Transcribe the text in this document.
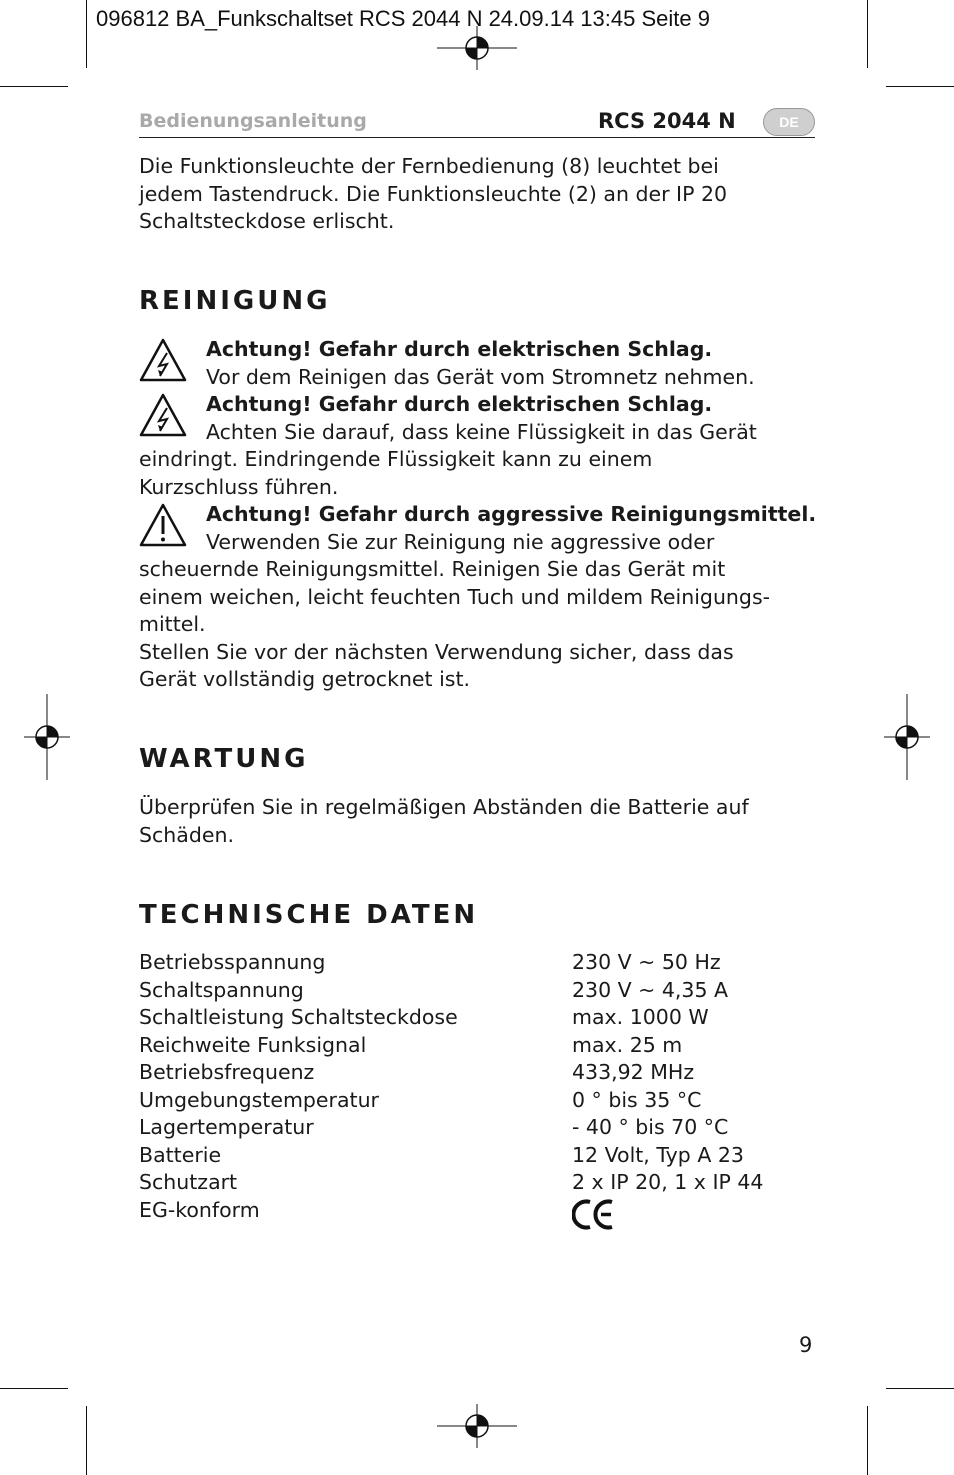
096812 BA_Funkschaltset RCS 2044 N 24.09.14 13:45 Seite 9
Bedienungsanleitung	RCS 2044 N	DE
Die Funktionsleuchte der Fernbedienung (8) leuchtet bei
jedem Tastendruck. Die Funktionsleuchte (2) an der IP 20
Schaltsteckdose erlischt.
REINIGUNG
Achtung! Gefahr durch elektrischen Schlag.
Vor dem Reinigen das Gerät vom Stromnetz nehmen.
Achtung! Gefahr durch elektrischen Schlag.
Achten Sie darauf, dass keine Flüssigkeit in das Gerät
eindringt. Eindringende Flüssigkeit kann zu einem
Kurzschluss führen.
Achtung! Gefahr durch aggressive Reinigungsmittel.
Verwenden Sie zur Reinigung nie aggressive oder
scheuernde Reinigungsmittel. Reinigen Sie das Gerät mit
einem weichen, leicht feuchten Tuch und mildem Reinigungs-
mittel.
Stellen Sie vor der nächsten Verwendung sicher, dass das
Gerät vollständig getrocknet ist.
WARTUNG
Überprüfen Sie in regelmäßigen Abständen die Batterie auf
Schäden.
TECHNISCHE DATEN
Betriebsspannung	230 V ~ 50 Hz
Schaltspannung	230 V ~ 4,35 A
Schaltleistung Schaltsteckdose	max. 1000 W
Reichweite Funksignal	max. 25 m
Betriebsfrequenz	433,92 MHz
Umgebungstemperatur	0 ° bis 35 °C
Lagertemperatur	- 40 ° bis 70 °C
Batterie	12 Volt, Typ A 23
Schutzart	2 x IP 20, 1 x IP 44
EG-konform
9
